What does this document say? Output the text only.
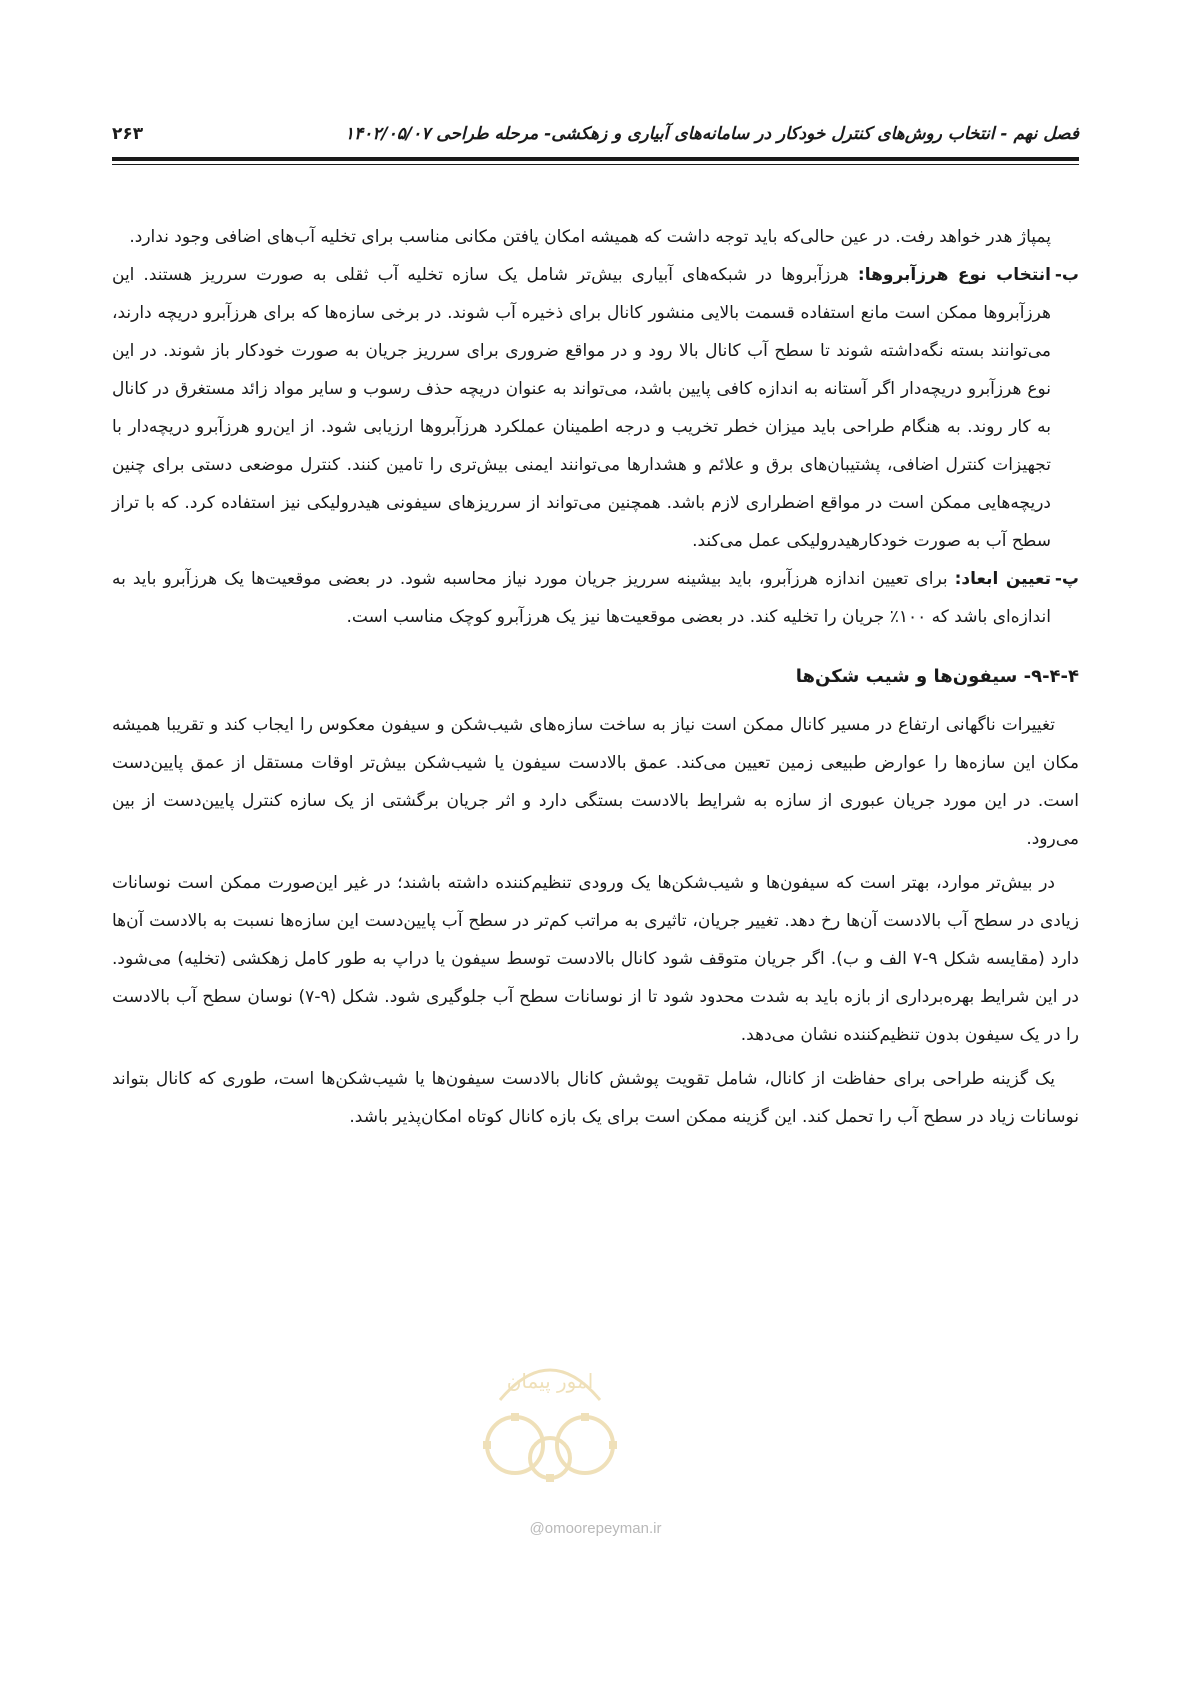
فصل نهم - انتخاب روش‌های کنترل خودکار در سامانه‌های آبیاری و زهکشی- مرحله طراحی ۱۴۰۲/۰۵/۰۷
۲۶۳

پمپاژ هدر خواهد رفت. در عین حالی‌که باید توجه داشت که همیشه امکان یافتن مکانی مناسب برای تخلیه آب‌های اضافی وجود ندارد.

ب-
انتخاب نوع هرزآبروها: هرزآبروها در شبکه‌های آبیاری بیش‌تر شامل یک سازه تخلیه آب ثقلی به صورت سرریز هستند. این هرزآبروها ممکن است مانع استفاده قسمت بالایی منشور کانال برای ذخیره آب شوند. در برخی سازه‌ها که برای هرزآبرو دریچه دارند، می‌توانند بسته نگه‌داشته شوند تا سطح آب کانال بالا رود و در مواقع ضروری برای سرریز جریان به صورت خودکار باز شوند. در این نوع هرزآبرو دریچه‌دار اگر آستانه به اندازه کافی پایین باشد، می‌تواند به عنوان دریچه حذف رسوب و سایر مواد زائد مستغرق در کانال به کار روند. به هنگام طراحی باید میزان خطر تخریب و درجه اطمینان عملکرد هرزآبروها ارزیابی شود. از این‌رو هرزآبرو دریچه‌دار با تجهیزات کنترل اضافی، پشتیبان‌های برق و علائم و هشدارها می‌توانند ایمنی بیش‌تری را تامین کنند. کنترل موضعی دستی برای چنین دریچه‌هایی ممکن است در مواقع اضطراری لازم باشد. همچنین می‌تواند از سرریزهای سیفونی هیدرولیکی نیز استفاده کرد. که با تراز سطح آب به صورت خودکارهیدرولیکی عمل می‌کند.

پ-
تعیین ابعاد: برای تعیین اندازه هرزآبرو، باید بیشینه سرریز جریان مورد نیاز محاسبه شود. در بعضی موقعیت‌ها یک هرزآبرو باید به اندازه‌ای باشد که ۱۰۰٪ جریان را تخلیه کند. در بعضی موقعیت‌ها نیز یک هرزآبرو کوچک مناسب است.

۹-۴-۴- سیفون‌ها و شیب شکن‌ها

تغییرات ناگهانی ارتفاع در مسیر کانال ممکن است نیاز به ساخت سازه‌های شیب‌شکن و سیفون معکوس را ایجاب کند و تقریبا همیشه مکان این سازه‌ها را عوارض طبیعی زمین تعیین می‌کند. عمق بالادست سیفون یا شیب‌شکن بیش‌تر اوقات مستقل از عمق پایین‌دست است. در این مورد جریان عبوری از سازه به شرایط بالادست بستگی دارد و اثر جریان برگشتی از یک سازه کنترل پایین‌دست از بین می‌رود.

در بیش‌تر موارد، بهتر است که سیفون‌ها و شیب‌شکن‌ها یک ورودی تنظیم‌کننده داشته باشند؛ در غیر این‌صورت ممکن است نوسانات زیادی در سطح آب بالادست آن‌ها رخ دهد. تغییر جریان، تاثیری به مراتب کم‌تر در سطح آب پایین‌دست این سازه‌ها نسبت به بالادست آن‌ها دارد (مقایسه شکل ۹-۷ الف و ب). اگر جریان متوقف شود کانال بالادست توسط سیفون یا دراپ به طور کامل زهکشی (تخلیه) می‌شود. در این شرایط بهره‌برداری از بازه باید به شدت محدود شود تا از نوسانات سطح آب جلوگیری شود. شکل (۹-۷) نوسان سطح آب بالادست را در یک سیفون بدون تنظیم‌کننده نشان می‌دهد.

یک گزینه طراحی برای حفاظت از کانال، شامل تقویت پوشش کانال بالادست سیفون‌ها یا شیب‌شکن‌ها است، طوری که کانال بتواند نوسانات زیاد در سطح آب را تحمل کند. این گزینه ممکن است برای یک بازه کانال کوتاه امکان‌پذیر باشد.

امور پیمان
@omoorepeyman.ir
